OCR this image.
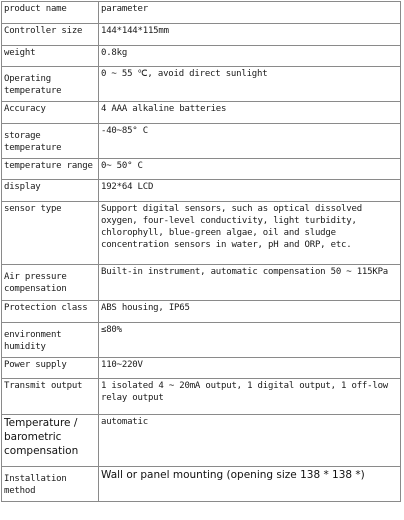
product name	parameter
Controller size	144*144*115mm
weight	0.8kg
Operating temperature	0 ~ 55 ℃, avoid direct sunlight
Accuracy	4 AAA alkaline batteries
storage temperature	-40~85° C
temperature range	0~ 50° C
display	192*64 LCD
sensor type	Support digital sensors, such as optical dissolved oxygen, four-level conductivity, light turbidity, chlorophyll, blue-green algae, oil and sludge concentration sensors in water, pH and ORP, etc.
Air pressure compensation	Built-in instrument, automatic compensation 50 ~ 115KPa
Protection class	ABS housing, IP65
environment humidity	≤80%
Power supply	110~220V
Transmit output	1 isolated 4 ~ 20mA output, 1 digital output, 1 off-low relay output
Temperature / barometric compensation	automatic
Installation method	Wall or panel mounting (opening size 138 * 138 *)
